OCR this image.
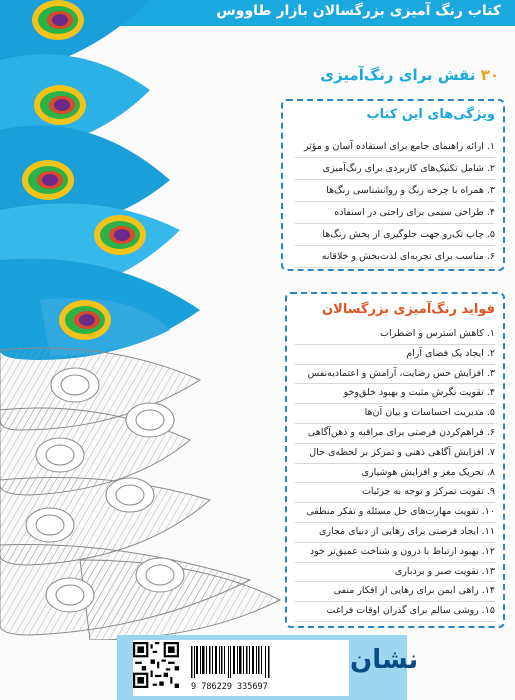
کتاب رنگ آمیزی بزرگسالان بازار طاووس
۳۰ نقش برای رنگ‌آمیزی
ویژگی‌های این کتاب
۱. ارائه راهنمای جامع برای استفاده آسان و مؤثر
۲. شامل تکنیک‌های کاربردی برای رنگ‌آمیزی
۳. همراه با چرخه رنگ و روانشناسی رنگ‌ها
۴. طراحی سیمی برای راحتی در استفاده
۵. چاپ تک‌رو جهت جلوگیری از پخش رنگ‌ها
۶. مناسب برای تجربه‌ای لذت‌بخش و خلاقانه
فواید رنگ‌آمیزی بزرگسالان
۱. کاهش استرس و اضطراب
۲. ایجاد یک فضای آرام
۳. افزایش حس رضایت، آرامش و اعتمادبه‌نفس
۴. تقویت نگرش مثبت و بهبود خلق‌وخو
۵. مدیریت احساسات و بیان آن‌ها
۶. فراهم‌کردن فرصتی برای مراقبه و ذهن‌آگاهی
۷. افزایش آگاهی ذهنی و تمرکز بر لحظه‌ی حال
۸. تحریک مغز و افزایش هوشیاری
۹. تقویت تمرکز و توجه به جزئیات
۱۰. تقویت مهارت‌های حل مسئله و تفکر منطقی
۱۱. ایجاد فرصتی برای رهایی از دنیای مجازی
۱۲. بهبود ارتباط با درون و شناخت عمیق‌تر خود
۱۳. تقویت صبر و بردباری
۱۴. راهی ایمن برای رهایی از افکار منفی
۱۵. روشی سالم برای گذران اوقات فراغت
9 786229 335697
نشان
